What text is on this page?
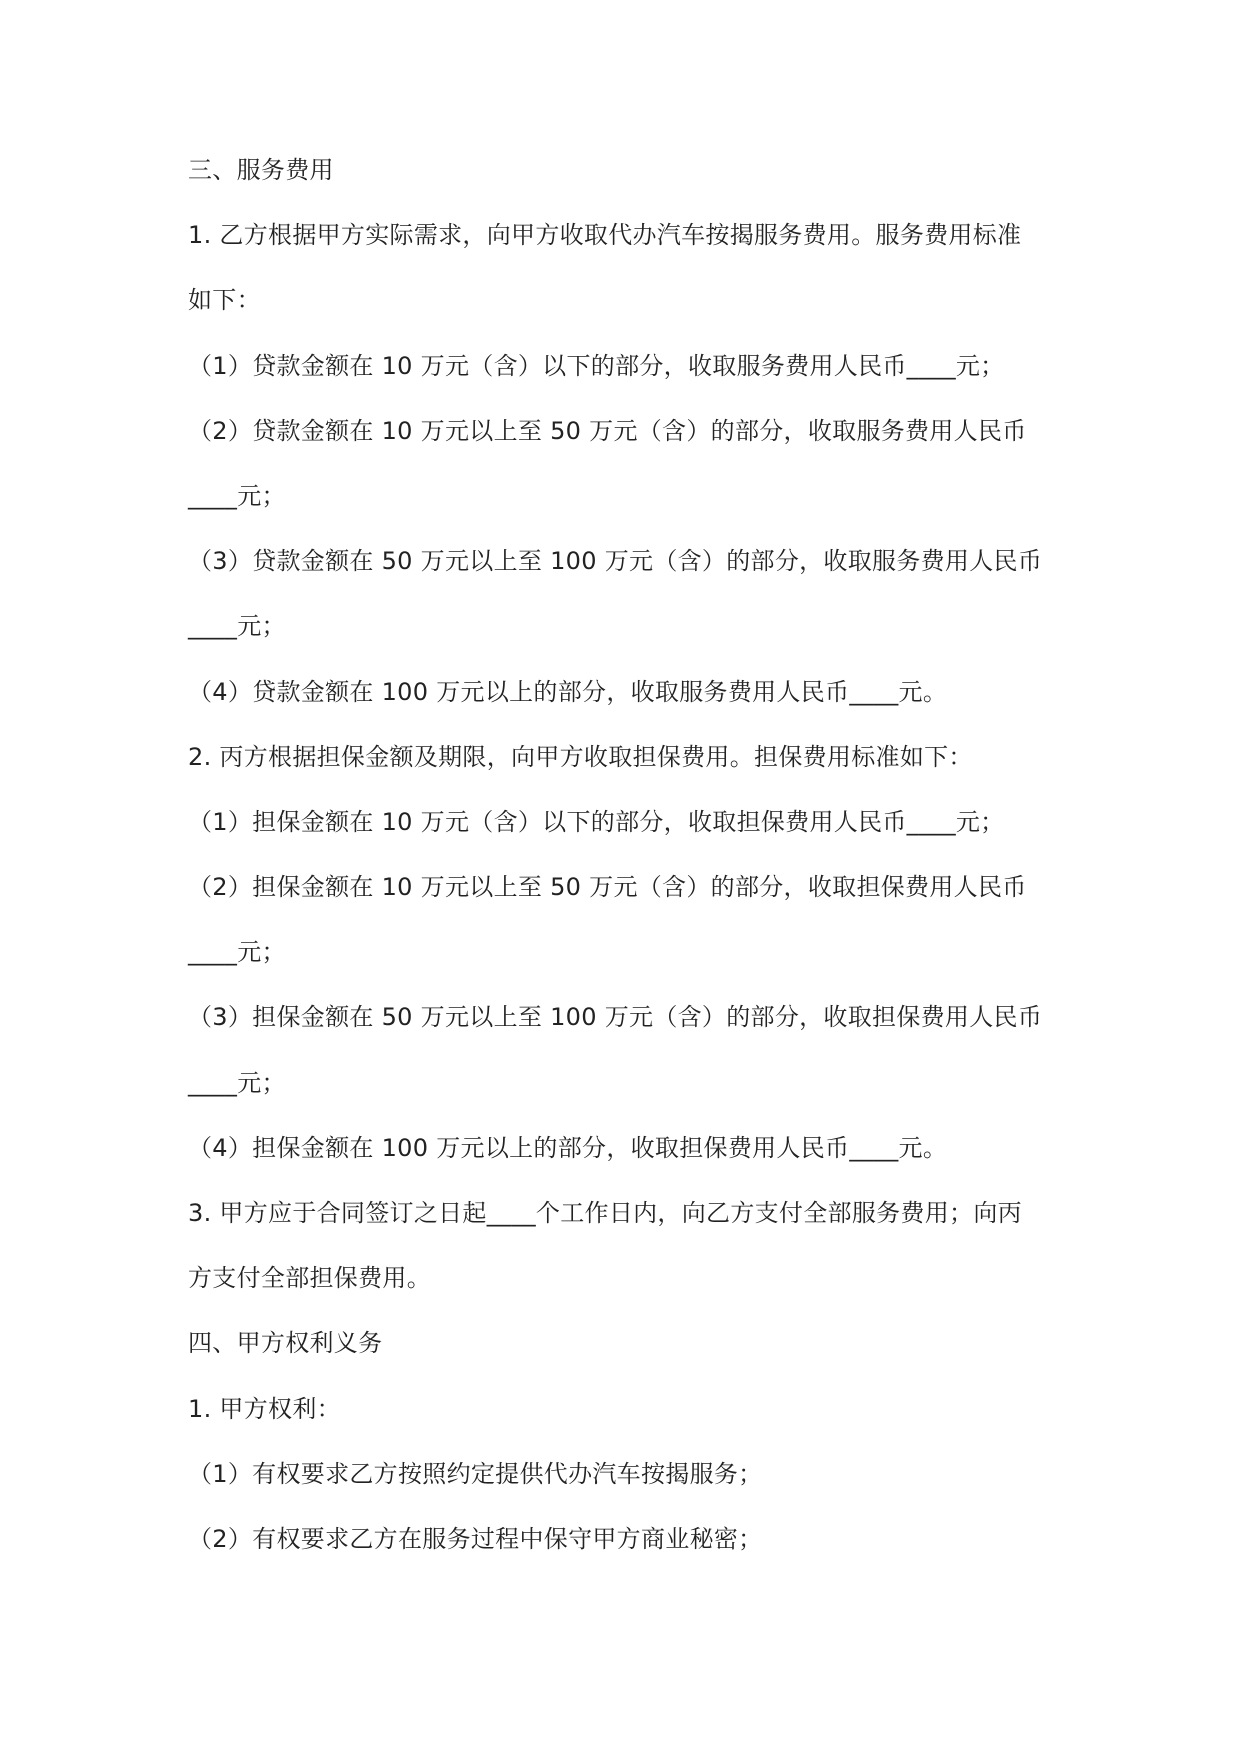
三、服务费用
1. 乙方根据甲方实际需求，向甲方收取代办汽车按揭服务费用。服务费用标准
如下：
（1）贷款金额在 10 万元（含）以下的部分，收取服务费用人民币____元；
（2）贷款金额在 10 万元以上至 50 万元（含）的部分，收取服务费用人民币
____元；
（3）贷款金额在 50 万元以上至 100 万元（含）的部分，收取服务费用人民币
____元；
（4）贷款金额在 100 万元以上的部分，收取服务费用人民币____元。
2. 丙方根据担保金额及期限，向甲方收取担保费用。担保费用标准如下：
（1）担保金额在 10 万元（含）以下的部分，收取担保费用人民币____元；
（2）担保金额在 10 万元以上至 50 万元（含）的部分，收取担保费用人民币
____元；
（3）担保金额在 50 万元以上至 100 万元（含）的部分，收取担保费用人民币
____元；
（4）担保金额在 100 万元以上的部分，收取担保费用人民币____元。
3. 甲方应于合同签订之日起____个工作日内，向乙方支付全部服务费用；向丙
方支付全部担保费用。
四、甲方权利义务
1. 甲方权利：
（1）有权要求乙方按照约定提供代办汽车按揭服务；
（2）有权要求乙方在服务过程中保守甲方商业秘密；
